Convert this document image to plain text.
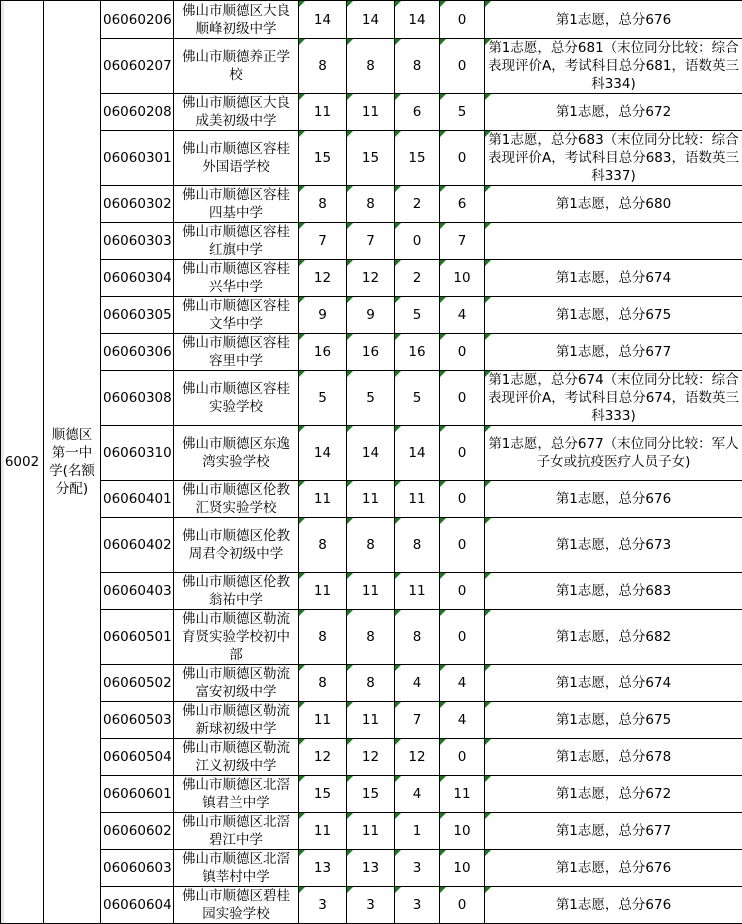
6002	顺德区第一中学(名额分配)	06060206	佛山市顺德区大良顺峰初级中学	14	14	14	0	第1志愿，总分676
		06060207	佛山市顺德养正学校	8	8	8	0	第1志愿，总分681（末位同分比较：综合表现评价A，考试科目总分681，语数英三科334)
		06060208	佛山市顺德区大良成美初级中学	11	11	6	5	第1志愿，总分672
		06060301	佛山市顺德区容桂外国语学校	15	15	15	0	第1志愿，总分683（末位同分比较：综合表现评价A，考试科目总分683，语数英三科337)
		06060302	佛山市顺德区容桂四基中学	8	8	2	6	第1志愿，总分680
		06060303	佛山市顺德区容桂红旗中学	7	7	0	7	

		06060304	佛山市顺德区容桂兴华中学	12	12	2	10	第1志愿，总分674
		06060305	佛山市顺德区容桂文华中学	9	9	5	4	第1志愿，总分675
		06060306	佛山市顺德区容桂容里中学	16	16	16	0	第1志愿，总分677
		06060308	佛山市顺德区容桂实验学校	5	5	5	0	第1志愿，总分674（末位同分比较：综合表现评价A，考试科目总分674，语数英三科333)
		06060310	佛山市顺德区东逸湾实验学校	14	14	14	0	第1志愿，总分677（末位同分比较：军人子女或抗疫医疗人员子女)
		06060401	佛山市顺德区伦教汇贤实验学校	11	11	11	0	第1志愿，总分676
		06060402	佛山市顺德区伦教周君令初级中学	8	8	8	0	第1志愿，总分673
		06060403	佛山市顺德区伦教翁祐中学	11	11	11	0	第1志愿，总分683
		06060501	佛山市顺德区勒流育贤实验学校初中部	8	8	8	0	第1志愿，总分682
		06060502	佛山市顺德区勒流富安初级中学	8	8	4	4	第1志愿，总分674
		06060503	佛山市顺德区勒流新球初级中学	11	11	7	4	第1志愿，总分675
		06060504	佛山市顺德区勒流江义初级中学	12	12	12	0	第1志愿，总分678
		06060601	佛山市顺德区北滘镇君兰中学	15	15	4	11	第1志愿，总分672
		06060602	佛山市顺德区北滘碧江中学	11	11	1	10	第1志愿，总分677
		06060603	佛山市顺德区北滘镇莘村中学	13	13	3	10	第1志愿，总分676
		06060604	佛山市顺德区碧桂园实验学校	3	3	3	0	第1志愿，总分676
